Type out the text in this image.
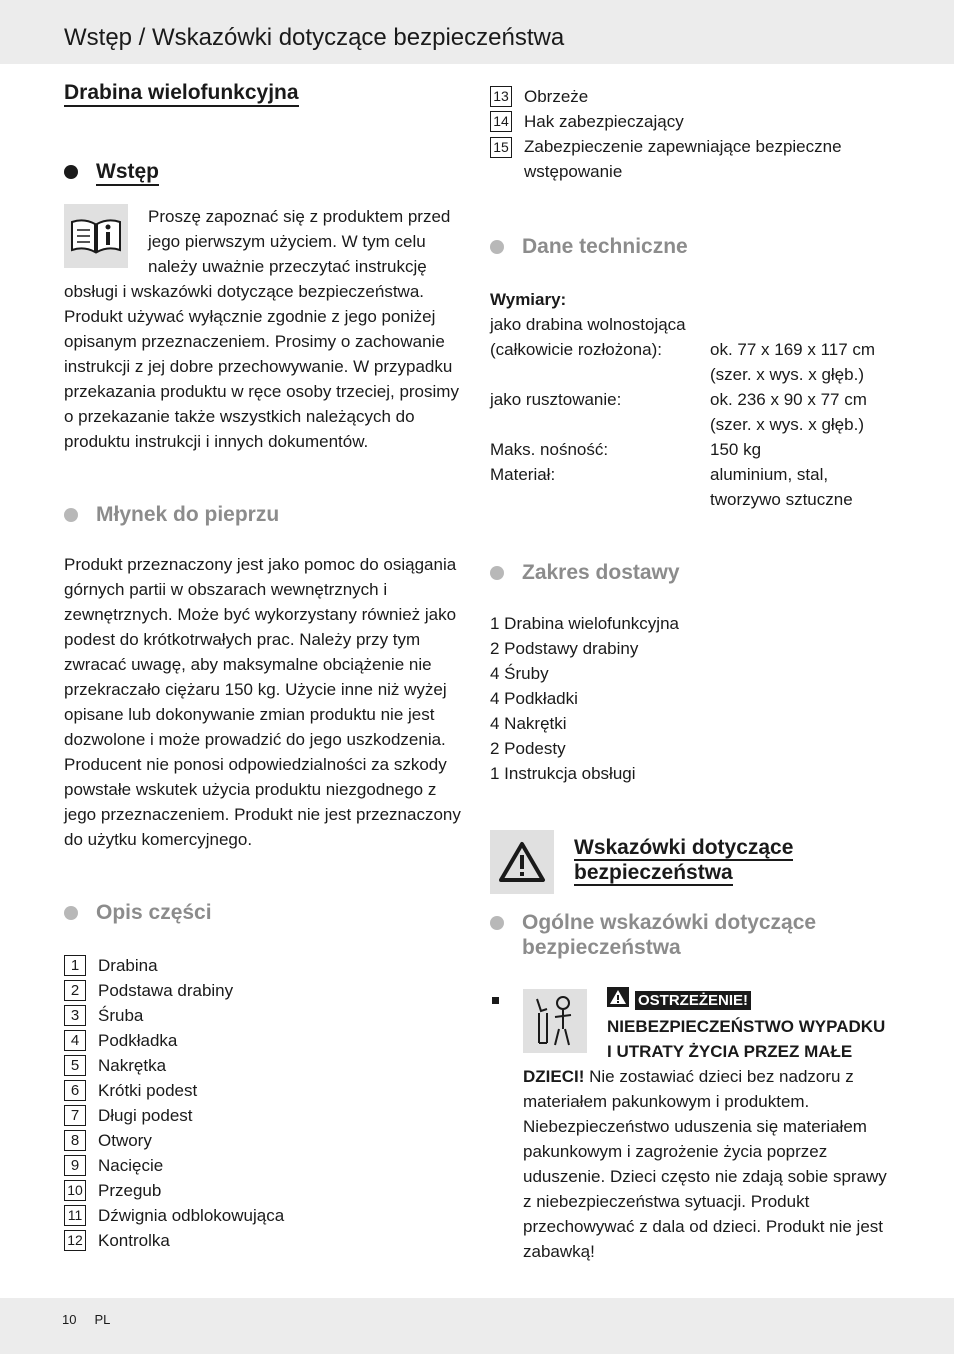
Wstęp / Wskazówki dotyczące bezpieczeństwa
Drabina wielofunkcyjna
Wstęp

Proszę zapoznać się z produktem przed jego pierwszym użyciem. W tym celu należy uważnie przeczytać instrukcję obsługi i wskazówki dotyczące bezpieczeństwa. Produkt używać wyłącznie zgodnie z jego poniżej opisanym przeznaczeniem. Prosimy o zachowanie instrukcji z jej dobre przechowywanie. W przypadku przekazania produktu w ręce osoby trzeciej, prosimy o przekazanie także wszystkich należących do produktu instrukcji i innych dokumentów.

Młynek do pieprzu

Produkt przeznaczony jest jako pomoc do osiągania górnych partii w obszarach wewnętrznych i zewnętrznych. Może być wykorzystany również jako podest do krótkotrwałych prac. Należy przy tym zwracać uwagę, aby maksymalne obciążenie nie przekraczało ciężaru 150 kg. Użycie inne niż wyżej opisane lub dokonywanie zmian produktu nie jest dozwolone i może prowadzić do jego uszkodzenia. Producent nie ponosi odpowiedzialności za szkody powstałe wskutek użycia produktu niezgodnego z jego przeznaczeniem. Produkt nie jest przeznaczony do użytku komercyjnego.

Opis części
1	Drabina
2	Podstawa drabiny
3	Śruba
4	Podkładka
5	Nakrętka
6	Krótki podest
7	Długi podest
8	Otwory
9	Nacięcie
10 Przegub
11 Dźwignia odblokowująca
12 Kontrolka
13 Obrzeże
14 Hak zabezpieczający
15 Zabezpieczenie zapewniające bezpieczne wstępowanie
Dane techniczne
Wymiary:
jako drabina wolnostojąca
(całkowicie rozłożona):	ok. 77 x 169 x 117 cm (szer. x wys. x głęb.)
jako rusztowanie:	ok. 236 x 90 x 77 cm (szer. x wys. x głęb.)
Maks. nośność:	150 kg
Materiał:	aluminium, stal, tworzywo sztuczne
Zakres dostawy
1 Drabina wielofunkcyjna
2 Podstawy drabiny
4 Śruby
4 Podkładki
4 Nakrętki
2 Podesty
1 Instrukcja obsługi
Wskazówki dotyczące bezpieczeństwa
Ogólne wskazówki dotyczące bezpieczeństwa
OSTRZEŻENIE!NIEBEZPIECZEŃSTWO WYPADKU I UTRATY ŻYCIA PRZEZ MAŁE DZIECI! Nie zostawiać dzieci bez nadzoru z materiałem pakunkowym i produktem. Niebezpieczeństwo uduszenia się materiałem pakunkowym i zagrożenie życia poprzez uduszenie. Dzieci często nie zdają sobie sprawy z niebezpieczeństwa sytuacji. Produkt przechowywać z dala od dzieci. Produkt nie jest zabawką!
10 PL
